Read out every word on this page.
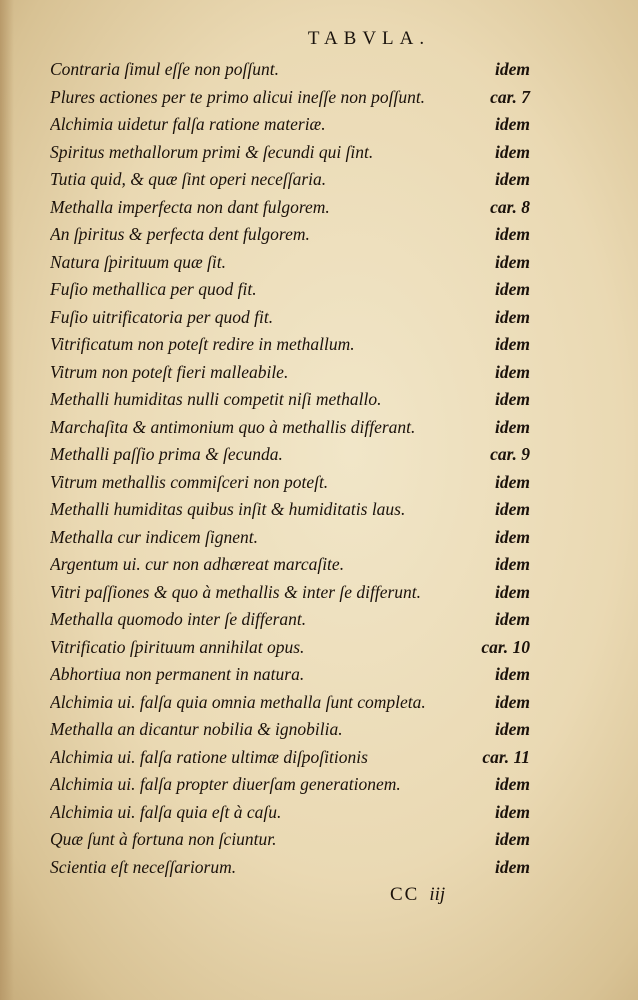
TABVLA.
Contraria ſimul eſſe non poſſunt.	idem
Plures actiones per te primo alicui ineſſe non poſſunt.	car. 7
Alchimia uidetur falſa ratione materiæ.	idem
Spiritus methallorum primi & ſecundi qui ſint.	idem
Tutia quid, & quæ ſint operi neceſſaria.	idem
Methalla imperfecta non dant fulgorem.	car. 8
An ſpiritus & perfecta dent fulgorem.	idem
Natura ſpirituum quæ ſit.	idem
Fuſio methallica per quod fit.	idem
Fuſio uitrificatoria per quod fit.	idem
Vitrificatum non poteſt redire in methallum.	idem
Vitrum non poteſt fieri malleabile.	idem
Methalli humiditas nulli competit niſi methallo.	idem
Marchaſita & antimonium quo à methallis differant.	idem
Methalli paſſio prima & ſecunda.	car. 9
Vitrum methallis commiſceri non poteſt.	idem
Methalli humiditas quibus inſit & humiditatis laus.	idem
Methalla cur indicem ſignent.	idem
Argentum ui. cur non adhæreat marcaſite.	idem
Vitri paſſiones & quo à methallis & inter ſe differunt.	idem
Methalla quomodo inter ſe differant.	idem
Vitrificatio ſpirituum annihilat opus.	car. 10
Abhortiua non permanent in natura.	idem
Alchimia ui. falſa quia omnia methalla ſunt completa.	idem
Methalla an dicantur nobilia & ignobilia.	idem
Alchimia ui. falſa ratione ultimæ diſpoſitionis	car. 11
Alchimia ui. falſa propter diuerſam generationem.	idem
Alchimia ui. falſa quia eſt à caſu.	idem
Quæ ſunt à fortuna non ſciuntur.	idem
Scientia eſt neceſſariorum.	idem
CC iij
